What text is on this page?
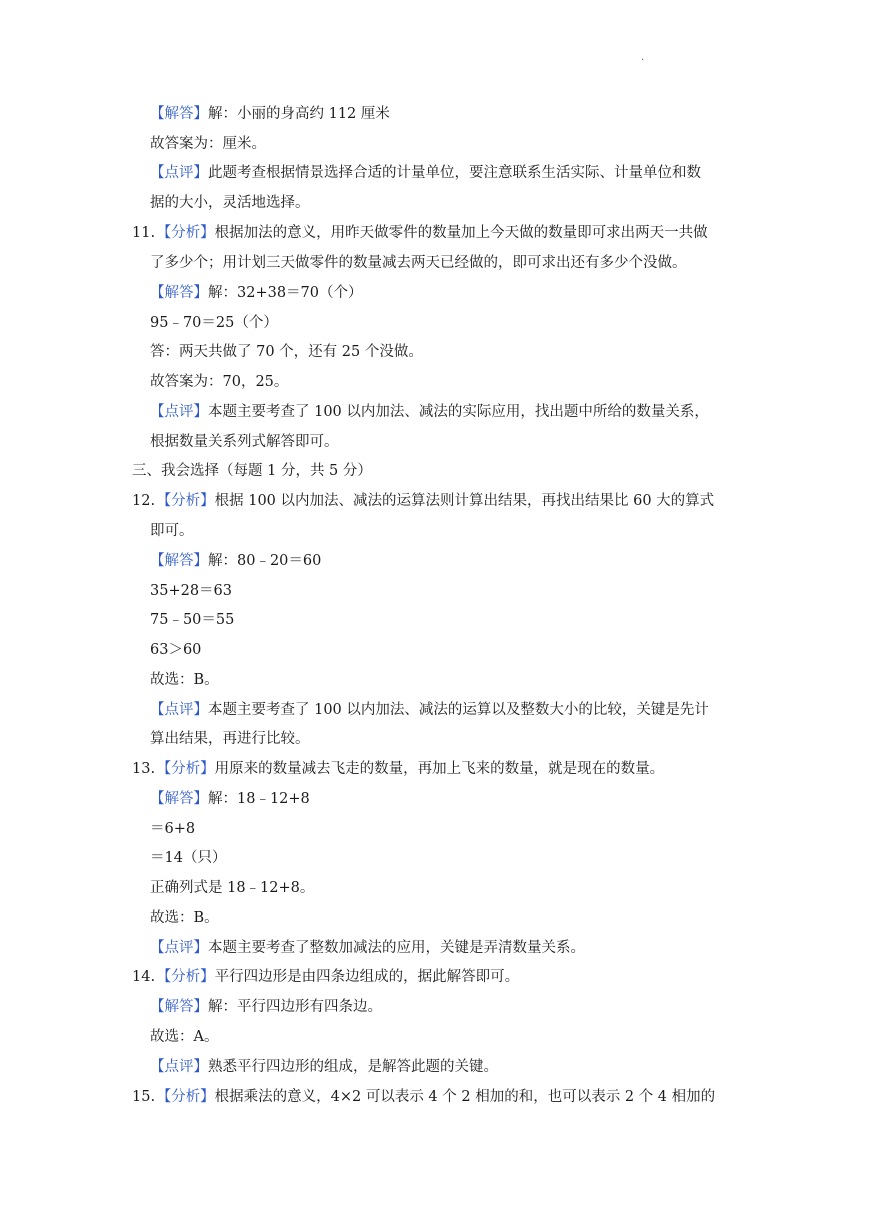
.
【解答】解：小丽的身高约 112 厘米
故答案为：厘米。
【点评】此题考查根据情景选择合适的计量单位，要注意联系生活实际、计量单位和数
据的大小，灵活地选择。
11. 【分析】根据加法的意义，用昨天做零件的数量加上今天做的数量即可求出两天一共做
了多少个；用计划三天做零件的数量减去两天已经做的，即可求出还有多少个没做。
【解答】解：32+38＝70（个）
95﹣70＝25（个）
答：两天共做了 70 个，还有 25 个没做。
故答案为：70，25。
【点评】本题主要考查了 100 以内加法、减法的实际应用，找出题中所给的数量关系，
根据数量关系列式解答即可。
三、我会选择（每题 1 分，共 5 分）
12. 【分析】根据 100 以内加法、减法的运算法则计算出结果，再找出结果比 60 大的算式
即可。
【解答】解：80﹣20＝60
35+28＝63
75﹣50＝55
63＞60
故选：B。
【点评】本题主要考查了 100 以内加法、减法的运算以及整数大小的比较，关键是先计
算出结果，再进行比较。
13. 【分析】用原来的数量减去飞走的数量，再加上飞来的数量，就是现在的数量。
【解答】解：18﹣12+8
＝6+8
＝14（只）
正确列式是 18﹣12+8。
故选：B。
【点评】本题主要考查了整数加减法的应用，关键是弄清数量关系。
14. 【分析】平行四边形是由四条边组成的，据此解答即可。
【解答】解：平行四边形有四条边。
故选：A。
【点评】熟悉平行四边形的组成，是解答此题的关键。
15. 【分析】根据乘法的意义，4×2 可以表示 4 个 2 相加的和，也可以表示 2 个 4 相加的
